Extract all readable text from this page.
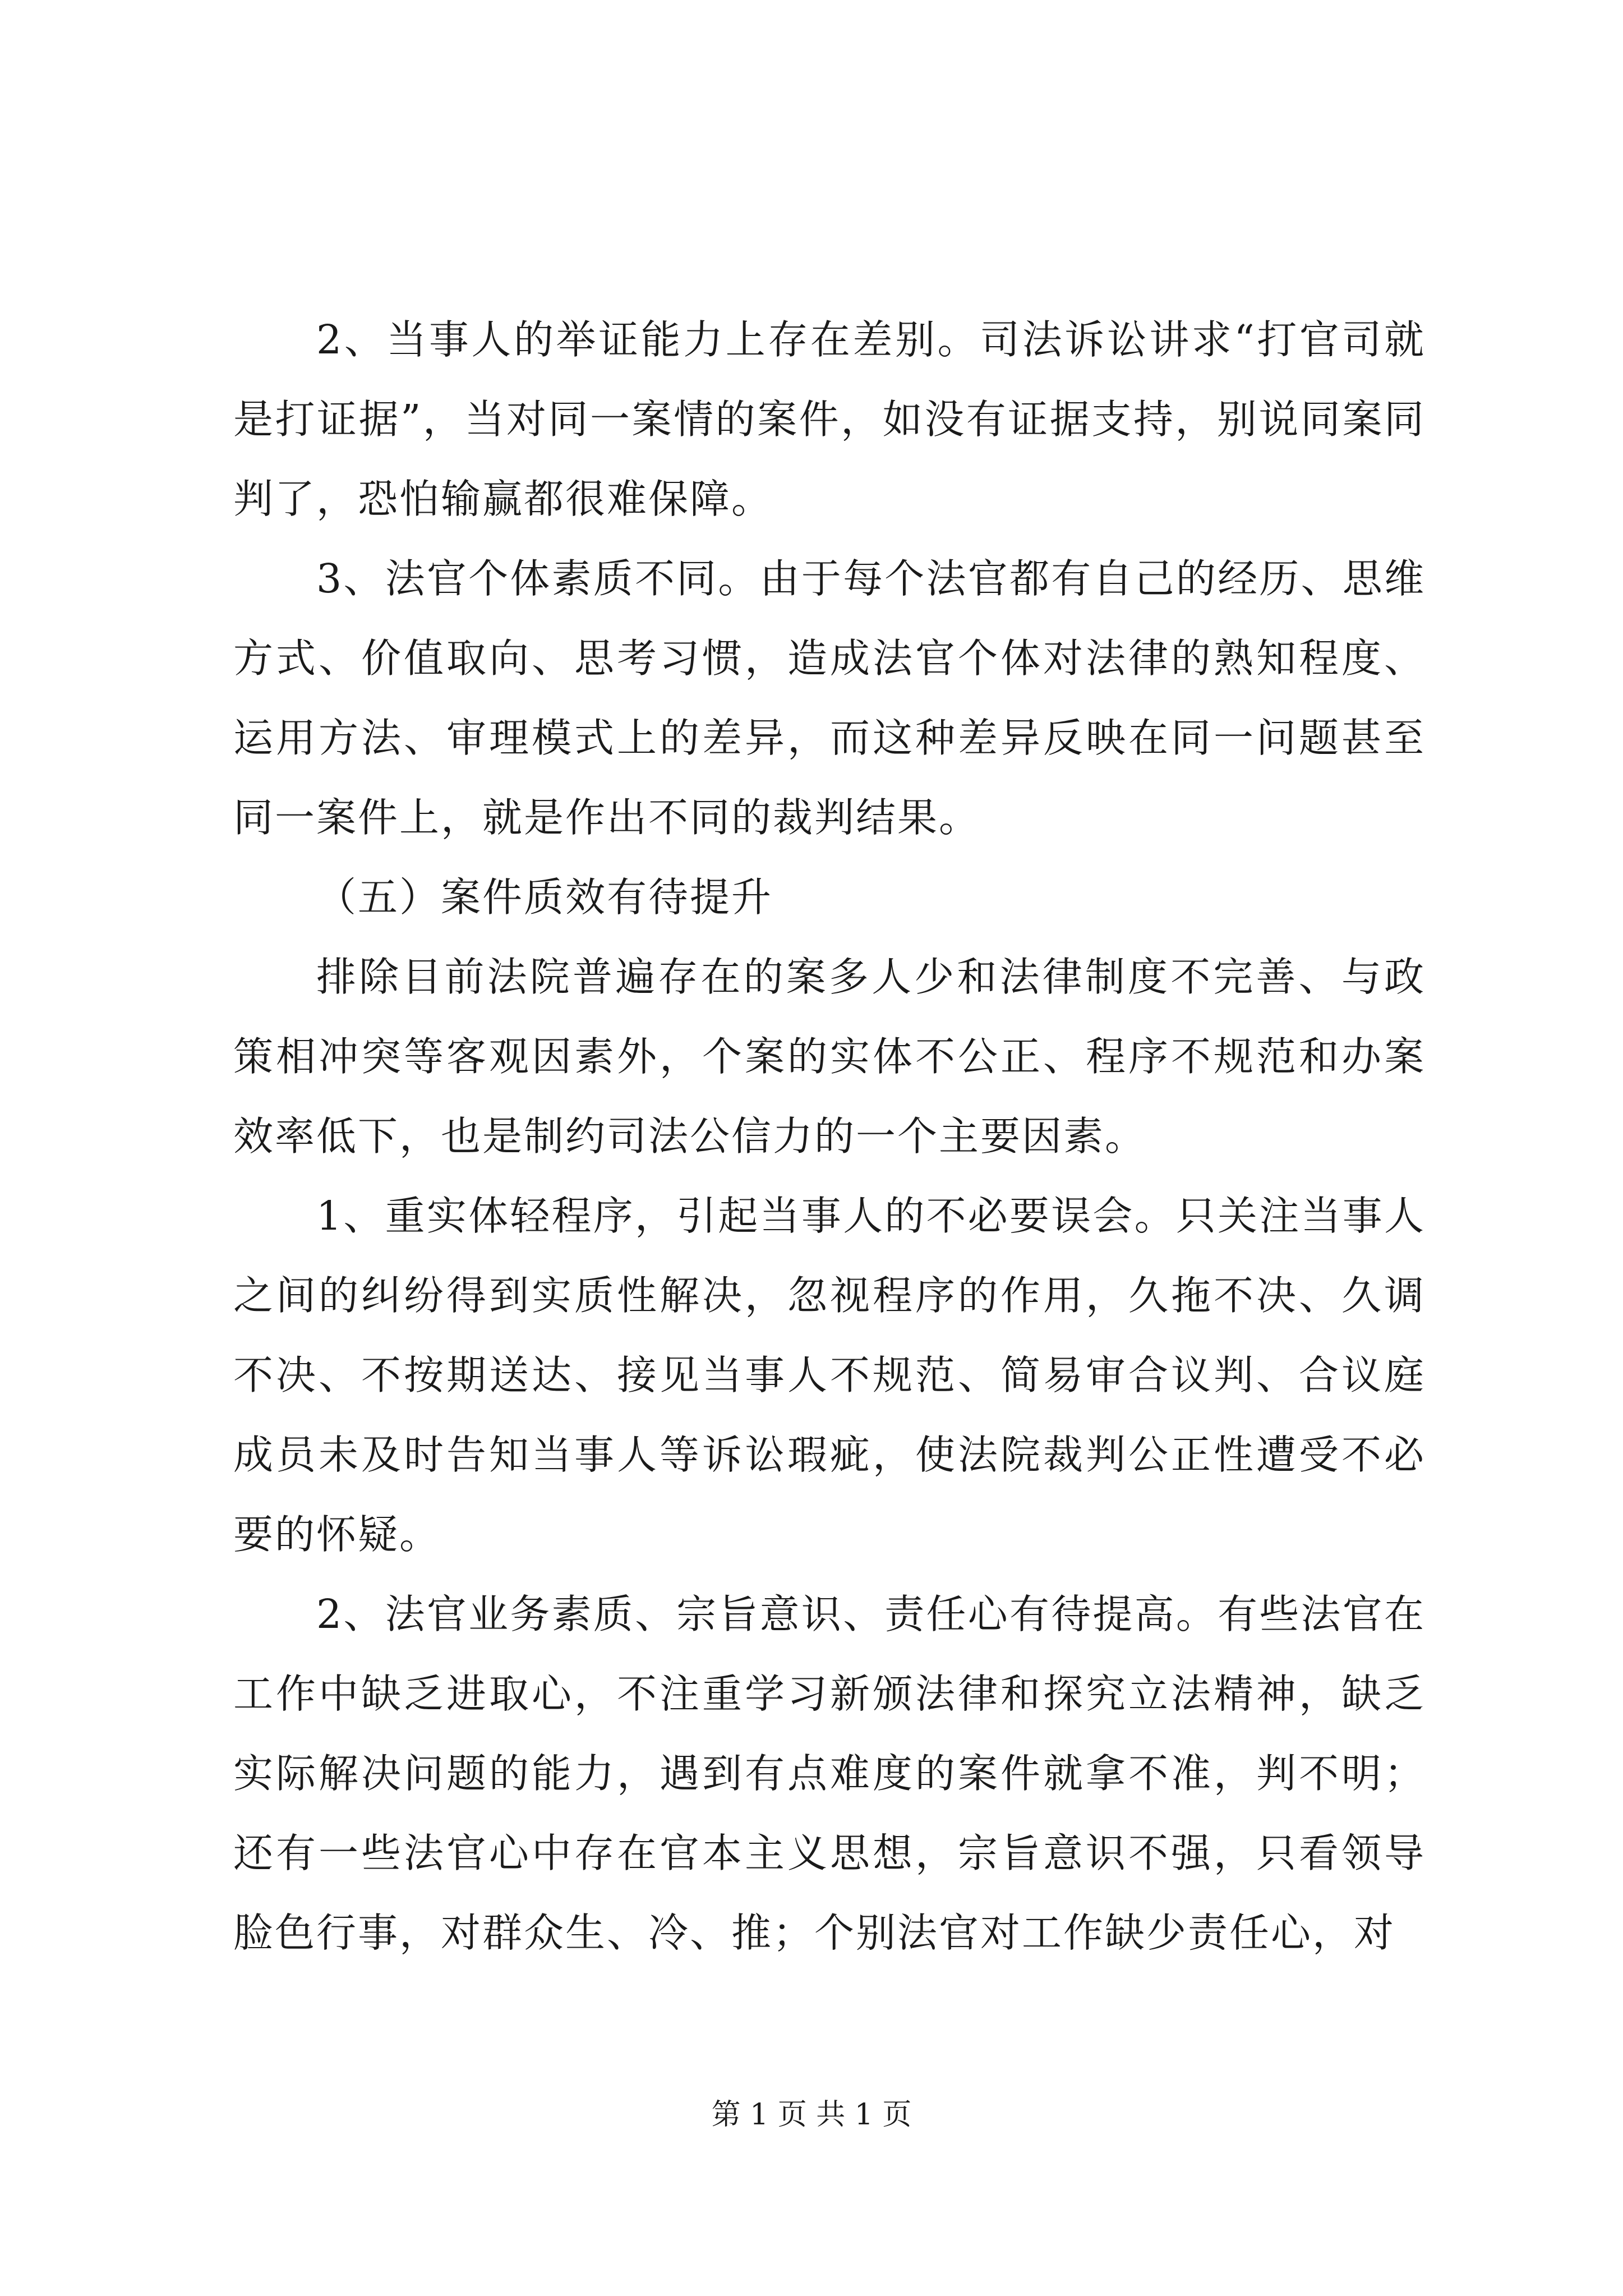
2、当事人的举证能力上存在差别。司法诉讼讲求“打官司就是打证据”，当对同一案情的案件，如没有证据支持，别说同案同判了，恐怕输赢都很难保障。

3、法官个体素质不同。由于每个法官都有自己的经历、思维方式、价值取向、思考习惯，造成法官个体对法律的熟知程度、运用方法、审理模式上的差异，而这种差异反映在同一问题甚至同一案件上，就是作出不同的裁判结果。

（五）案件质效有待提升

排除目前法院普遍存在的案多人少和法律制度不完善、与政策相冲突等客观因素外，个案的实体不公正、程序不规范和办案效率低下，也是制约司法公信力的一个主要因素。

1、重实体轻程序，引起当事人的不必要误会。只关注当事人之间的纠纷得到实质性解决，忽视程序的作用，久拖不决、久调不决、不按期送达、接见当事人不规范、简易审合议判、合议庭成员未及时告知当事人等诉讼瑕疵，使法院裁判公正性遭受不必要的怀疑。

2、法官业务素质、宗旨意识、责任心有待提高。有些法官在工作中缺乏进取心，不注重学习新颁法律和探究立法精神，缺乏实际解决问题的能力，遇到有点难度的案件就拿不准，判不明；还有一些法官心中存在官本主义思想，宗旨意识不强，只看领导脸色行事，对群众生、冷、推；个别法官对工作缺少责任心，对

第 1 页 共 1 页
